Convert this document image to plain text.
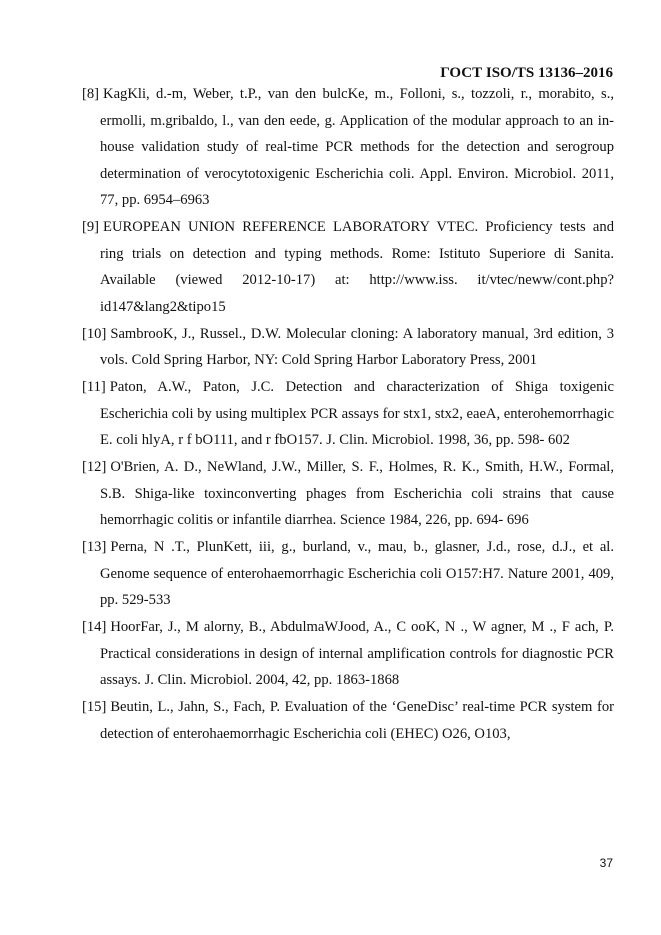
ГОСТ ISO/TS 13136–2016
[8] KagKli, d.-m, Weber, t.P., van den bulcKe, m., Folloni, s., tozzoli, r., morabito, s., ermolli, m.gribaldo, l., van den eede, g. Application of the modular approach to an in-house validation study of real-time PCR methods for the detection and serogroup determination of verocytotoxigenic Escherichia coli. Appl. Environ. Microbiol. 2011, 77, pp. 6954–6963
[9] EUROPEAN UNION REFERENCE LABORATORY VTEC. Proficiency tests and ring trials on detection and typing methods. Rome: Istituto Superiore di Sanita. Available (viewed 2012-10-17) at: http://www.iss. it/vtec/neww/cont.php?id147&lang2&tipo15
[10] SambrooK, J., Russel., D.W. Molecular cloning: A laboratory manual, 3rd edition, 3 vols. Cold Spring Harbor, NY: Cold Spring Harbor Laboratory Press, 2001
[11] Paton, A.W., Paton, J.C. Detection and characterization of Shiga toxigenic Escherichia coli by using multiplex PCR assays for stx1, stx2, eaeA, enterohemorrhagic E. coli hlyA, r f bO111, and r fbO157. J. Clin. Microbiol. 1998, 36, pp. 598- 602
[12] O'Brien, A. D., NeWland, J.W., Miller, S. F., Holmes, R. K., Smith, H.W., Formal, S.B. Shiga-like toxinconverting phages from Escherichia coli strains that cause hemorrhagic colitis or infantile diarrhea. Science 1984, 226, pp. 694- 696
[13] Perna, N .T., PlunKett, iii, g., burland, v., mau, b., glasner, J.d., rose, d.J., et al. Genome sequence of enterohaemorrhagic Escherichia coli O157:H7. Nature 2001, 409, pp. 529-533
[14] HoorFar, J., M alorny, B., AbdulmaWJood, A., C ooK, N ., W agner, M ., F ach, P. Practical considerations in design of internal amplification controls for diagnostic PCR assays. J. Clin. Microbiol. 2004, 42, pp. 1863-1868
[15] Beutin, L., Jahn, S., Fach, P. Evaluation of the ‘GeneDisc’ real-time PCR system for detection of enterohaemorrhagic Escherichia coli (EHEC) O26, O103,
37
